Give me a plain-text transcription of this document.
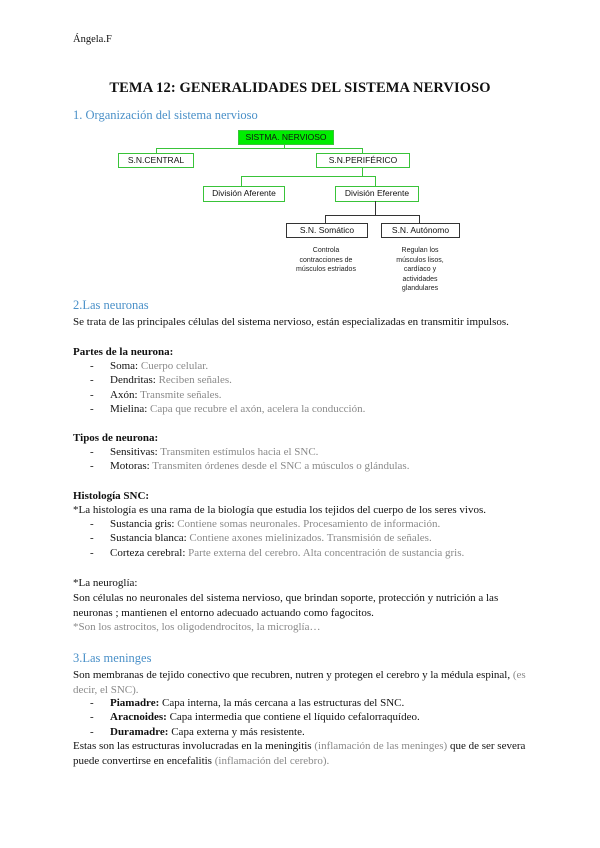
Ángela.F
TEMA 12: GENERALIDADES DEL SISTEMA NERVIOSO
1. Organización del sistema nervioso
SISTMA. NERVIOSO
S.N.CENTRAL	S.N.PERIFÉRICO
División Aferente	División Eferente
S.N. Somático	S.N. Autónomo
Controla contracciones de músculos estriados
Regulan los músculos lisos, cardíaco y actividades glandulares
2.Las neuronas
Se trata de las principales células del sistema nervioso, están especializadas en transmitir impulsos.
Partes de la neurona:
- Soma: Cuerpo celular.
- Dendritas: Reciben señales.
- Axón: Transmite señales.
- Mielina: Capa que recubre el axón, acelera la conducción.
Tipos de neurona:
- Sensitivas: Transmiten estímulos hacia el SNC.
- Motoras: Transmiten órdenes desde el SNC a músculos o glándulas.
Histología SNC:
*La histología es una rama de la biología que estudia los tejidos del cuerpo de los seres vivos.
- Sustancia gris: Contiene somas neuronales. Procesamiento de información.
- Sustancia blanca: Contiene axones mielinizados. Transmisión de señales.
- Corteza cerebral: Parte externa del cerebro. Alta concentración de sustancia gris.
*La neuroglía:
Son células no neuronales del sistema nervioso, que brindan soporte, protección y nutrición a las neuronas ; mantienen el entorno adecuado actuando como fagocitos.
*Son los astrocitos, los oligodendrocitos, la microglía…
3.Las meninges
Son membranas de tejido conectivo que recubren, nutren y protegen el cerebro y la médula espinal, (es decir, el SNC).
- Piamadre: Capa interna, la más cercana a las estructuras del SNC.
- Aracnoides: Capa intermedia que contiene el líquido cefalorraquídeo.
- Duramadre: Capa externa y más resistente.
Estas son las estructuras involucradas en la meningitis (inflamación de las meninges) que de ser severa puede convertirse en encefalitis (inflamación del cerebro).
